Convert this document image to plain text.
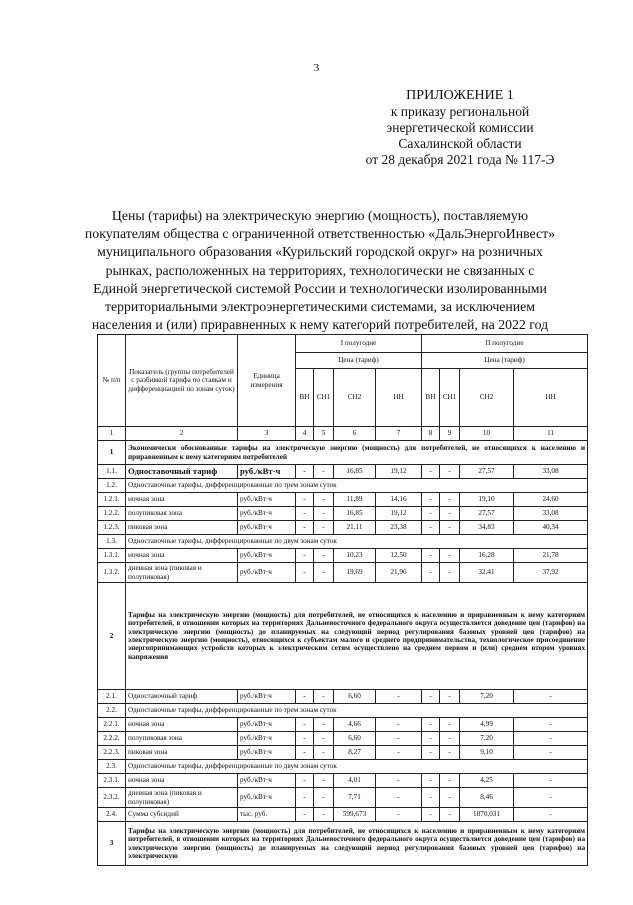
3
ПРИЛОЖЕНИЕ 1
к приказу региональной
энергетической комиссии
Сахалинской области
от 28 декабря 2021 года № 117-Э
Цены (тарифы) на электрическую энергию (мощность), поставляемую
покупателям общества с ограниченной ответственностью «ДальЭнергоИнвест»
муниципального образования «Курильский городской округ» на розничных
рынках, расположенных на территориях, технологически не связанных с
Единой энергетической системой России и технологически изолированными
территориальными электроэнергетическими системами, за исключением
населения и (или) приравненных к нему категорий потребителей, на 2022 год
№ п/п	Показатель (группы потребителей с разбивкой тарифа по ставкам и дифференциацией по зонам суток)	Единица измерения	I полугодие				II полугодие			
			Цена (тариф)				Цена (тариф)			
			ВН	СН1	СН2	НН	ВН	СН1	СН2	НН
1	2	3	4	5	6	7	8	9	10	11
1	Экономически обоснованные тарифы на электрическую энергию (мощность) для потребителей, не относящихся к населению и приравненным к нему категориям потребителей									
1.1.	Одноставочный тариф	руб./кВт·ч	-	-	16,85	19,12	-	-	27,57	33,08
1.2.	Одноставочные тарифы, дифференцированные по трем зонам суток									
1.2.1.	ночная зона	руб./кВт·ч	-	-	11,89	14,16	-	-	19,10	24,60
1.2.2.	полупиковая зона	руб./кВт·ч	-	-	16,85	19,12	-	-	27,57	33,08
1.2.3.	пиковая зона	руб./кВт·ч	-	-	21,11	23,38	-	-	34,83	40,34
1.3.	Одноставочные тарифы, дифференцированные по двум зонам суток									
1.3.1.	ночная зона	руб./кВт·ч	-	-	10,23	12,50	-	-	16,28	21,78
1.3.2.	дневная зона (пиковая и полупиковая)	руб./кВт·ч	-	-	19,69	21,96	-	-	32,41	37,92
2	Тарифы на электрическую энергию (мощность) для потребителей, не относящихся к населению и приравненным к нему категориям потребителей, в отношении которых на территориях Дальневосточного федерального округа осуществляется доведение цен (тарифов) на электрическую энергию (мощность) до планируемых на следующий период регулирования базовых уровней цен (тарифов) на электрическую энергию (мощность), относящихся к субъектам малого и среднего предпринимательства, технологическое присоединение энергопринимающих устройств которых к электрическим сетям осуществлено на среднем первом и (или) среднем втором уровнях напряжения									
2.1.	Одноставочный тариф	руб./кВт·ч	-	-	6,60	-	-	-	7,20	-
2.2.	Одноставочные тарифы, дифференцированные по трем зонам суток									
2.2.1.	ночная зона	руб./кВт·ч	-	-	4,66	-	-	-	4,99	-
2.2.2.	полупиковая зона	руб./кВт·ч	-	-	6,60	-	-	-	7,20	-
2.2.3.	пиковая зона	руб./кВт·ч	-	-	8,27	-	-	-	9,10	-
2.3.	Одноставочные тарифы, дифференцированные по двум зонам суток									
2.3.1.	ночная зона	руб./кВт·ч	-	-	4,01	-	-	-	4,25	-
2.3.2.	дневная зона (пиковая и полупиковая)	руб./кВт·ч	-	-	7,71	-	-	-	8,46	-
2.4.	Сумма субсидий	тыс. руб.	-	-	599,673	-	-	-	1870,031	-
3	Тарифы на электрическую энергию (мощность) для потребителей, не относящихся к населению и приравненным к нему категориям потребителей, в отношении которых на территориях Дальневосточного федерального округа осуществляется доведение цен (тарифов) на электрическую энергию (мощность) до планируемых на следующий период регулирования базовых уровней цен (тарифов) на электрическую									
